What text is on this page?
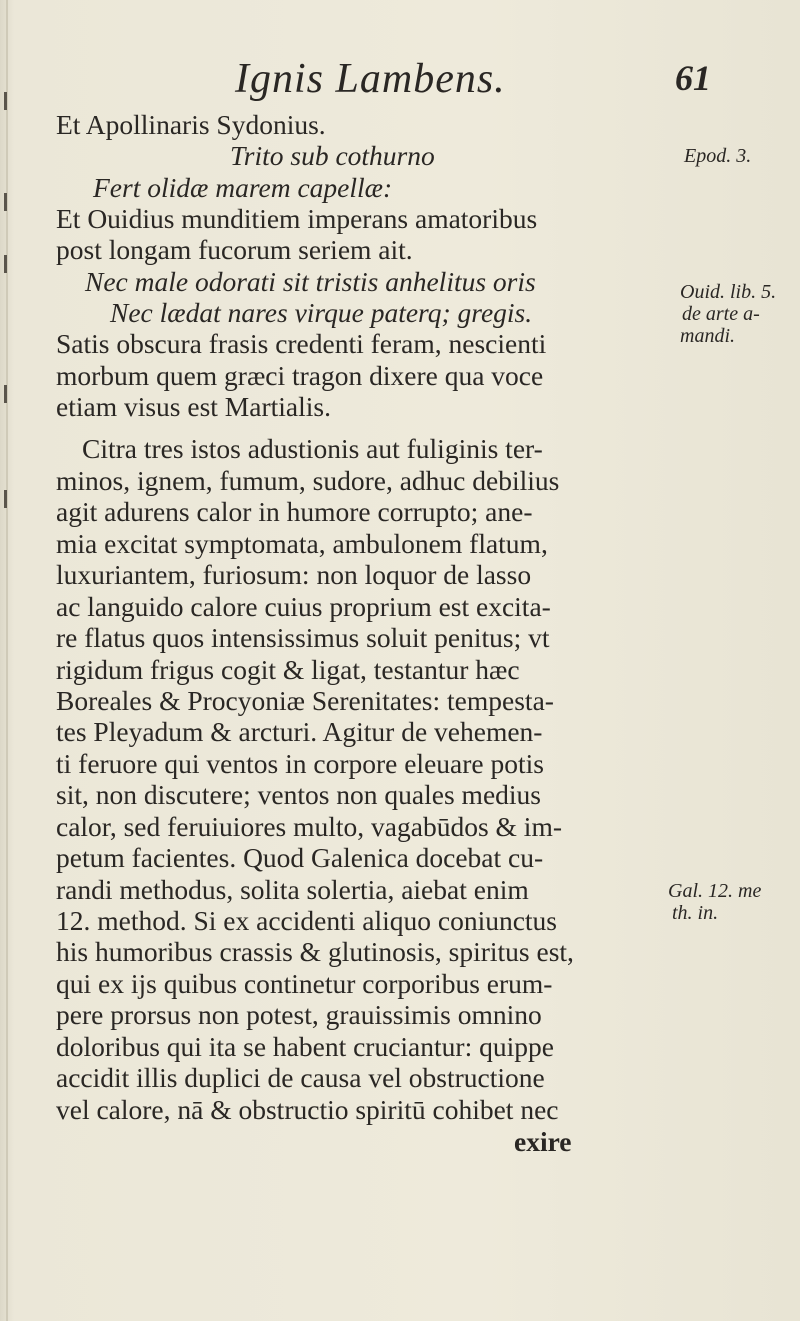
Ignis Lambens.	61
Et Apollinaris Sydonius.
Trito sub cothurno
Fert olidæ marem capellæ:
Et Ouidius munditiem imperans amatoribus
post longam fucorum seriem ait.
Nec male odorati sit tristis anhelitus oris
Nec lædat nares virque paterq; gregis.
Satis obscura frasis credenti feram, nescienti
morbum quem græci tragon dixere qua voce
etiam visus est Martialis.
Citra tres istos adustionis aut fuliginis ter-
minos, ignem, fumum, sudore, adhuc debilius
agit adurens calor in humore corrupto; ane-
mia excitat symptomata, ambulonem flatum,
luxuriantem, furiosum: non loquor de lasso
ac languido calore cuius proprium est excita-
re flatus quos intensissimus soluit penitus; vt
rigidum frigus cogit & ligat, testantur hæc
Boreales & Procyoniæ Serenitates: tempesta-
tes Pleyadum & arcturi. Agitur de vehemen-
ti feruore qui ventos in corpore eleuare potis
sit, non discutere; ventos non quales medius
calor, sed feruiuiores multo, vagabūdos & im-
petum facientes. Quod Galenica docebat cu-
randi methodus, solita solertia, aiebat enim
12. method. Si ex accidenti aliquo coniunctus
his humoribus crassis & glutinosis, spiritus est,
qui ex ijs quibus continetur corporibus erum-
pere prorsus non potest, grauissimis omnino
doloribus qui ita se habent cruciantur: quippe
accidit illis duplici de causa vel obstructione
vel calore, nā & obstructio spiritū cohibet nec
exire
Epod. 3.
Ouid. lib. 5.
de arte a-
mandi.
Gal. 12. me
th. in.
